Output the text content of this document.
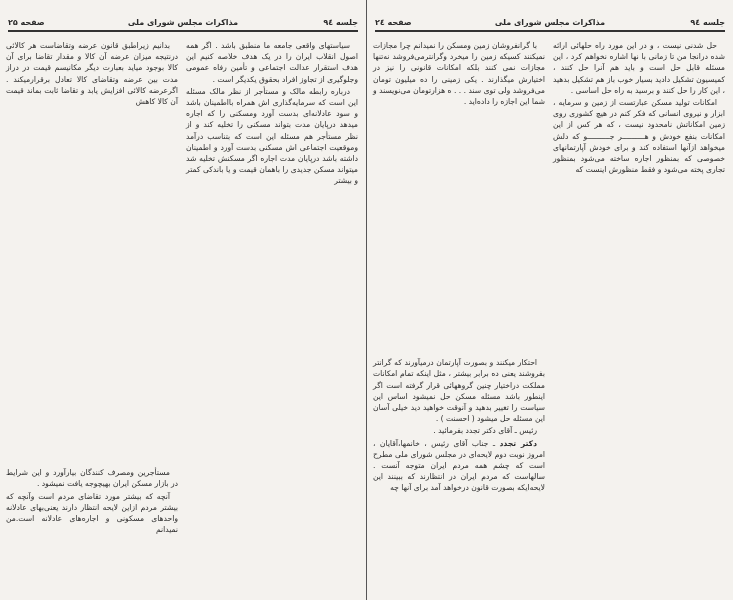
جلسه ۹٤
مذاکرات مجلس شورای ملی
صفحه ۲۵

سیاستهای واقعی جامعه ما منطبق باشد . اگر همه اصول انقلاب ایران را در یک هدف خلاصه کنیم این هدف استقرار عدالت اجتماعی و تأمین رفاه عمومی وجلوگیری از تجاوز افراد بحقوق یکدیگر است .

درباره رابطه مالک و مستأجر از نظر مالک مسئله این است که سرمایه‌گذاری اش همراه بااطمینان باشد و سود عادلانه‌ای بدست آورد ومسکنی را که اجاره میدهد درپایان مدت بتواند مسکنی را تخلیه کند و از نظر مستأجر هم مسئله این است که بتناسب درآمد وموقعیت اجتماعی اش مسکنی بدست آورد و اطمینان داشته باشد درپایان مدت اجاره اگر مسکنش تخلیه شد میتواند مسکن جدیدی را باهمان قیمت و یا باندکی کمتر و بیشتر

بدانیم زیراطبق قانون عرضه وتقاضاست هر کالائی درنتیجه میزان عرضه آن کالا و مقدار تقاضا برای آن کالا بوجود میاید بعبارت دیگر مکانیسم قیمت در دراز مدت بین عرضه وتقاضای کالا تعادل برقرارمیکند . اگرعرضه کالائی افزایش یابد و تقاضا ثابت بماند قیمت آن کالا کاهش

مستأجرین ومصرف کنندگان بیارآورد و این شرایط در بازار مسکن ایران بهیچوجه یافت نمیشود .

آنچه که بیشتر مورد تقاضای مردم است وآنچه که بیشتر مردم ازاین لایحه انتظار دارند یعنی‌بهای عادلانه واحدهای مسکونی و اجاره‌های عادلانه است.من نمیدانم

جلسه ۹٤
مذاکرات مجلس شورای ملی
صفحه ۲٤

حل شدنی نیست ، و در این مورد راه حلهائی ارائه شده درانجا من تا زمانی با نها اشاره نخواهم کرد ، این مسئله قابل حل است و باید هم آنرا حل کنند ، کمیسیون تشکیل دادید بسیار خوب باز هم تشکیل بدهید ، این کار را حل کنند و برسید به راه حل اساسی .

امکانات تولید مسکن عبارتست از زمین و سرمایه ، ابزار و نیروی انسانی که فکر کنم در هیچ کشوری روی زمین امکاناتش نامحدود نیست ، که هر کس از این امکانات بنفع خودش و هــــــــــر جــــــــــو که دلش میخواهد ازآنها استفاده کند و برای خودش آپارتمانهای خصوصی که بمنظور اجاره ساخته می‌شود بمنظور تجاری پخته می‌شود و فقط منظورش اینست که

با گرانفروشان زمین ومسکن را نمیدانم چرا مجازات نمیکنند کسیکه زمین را میخرد وگرانترمی‌فروشد نه‌تنها مجازات نمی کنند بلکه امکانات قانونی را نیز در اختیارش میگذارند . یکی زمینی را ده میلیون تومان می‌فروشد ولی توی سند . . . ه هزارتومان می‌نویسند و شما این اجازه را داده‌اید .

احتکار میکنند و بصورت آپارتمان درمیآورند که گرانتر بفروشند یعنی ده برابر بیشتر ، مثل اینکه تمام امکانات مملکت دراختیار چنین گروههائی قرار گرفته است اگر اینطور باشد مسئله مسکن حل نمیشود اساس این سیاست را تغییر بدهید و آنوقت خواهید دید خیلی آسان این مسئله حل میشود ( احسنت ) .

رئیس ـ آقای دکتر تجدد بفرمائید .

دکتر تجدد ـ جناب آقای رئیس ، خانمها،آقایان ، امروز نوبت دوم لایحه‌ای در مجلس شورای ملی مطرح است که چشم همه مردم ایران متوجه آنست . سالهاست که مردم ایران در انتظارند که ببینند این لایحه‌ایکه بصورت قانون درخواهد آمد برای آنها چه
